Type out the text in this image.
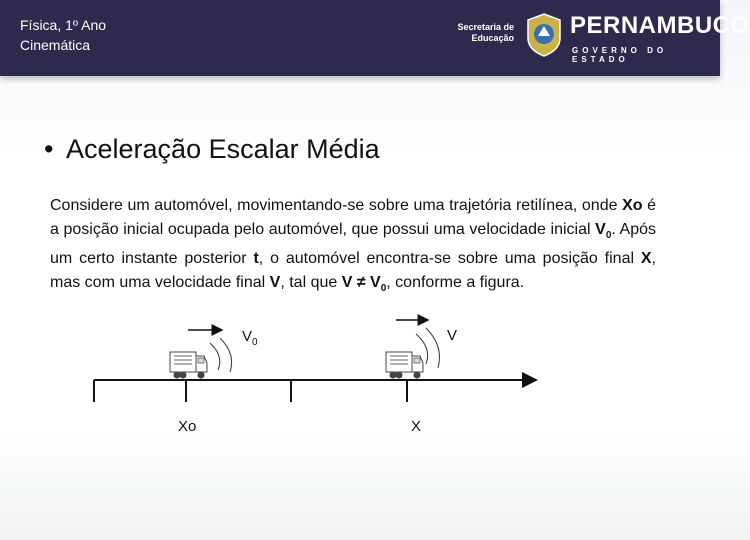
Física, 1º Ano
Cinemática
Secretaria de Educação PERNAMBUCO
GOVERNO DO ESTADO
• Aceleração Escalar Média
Considere um automóvel, movimentando-se sobre uma trajetória retilínea, onde Xo é a posição inicial ocupada pelo automóvel, que possui uma velocidade inicial $V_0$. Após um certo instante posterior t, o automóvel encontra-se sobre uma posição final X, mas com uma velocidade final V, tal que $V \ne V_0$, conforme a figura.
$V_0$	V
Xo	X
